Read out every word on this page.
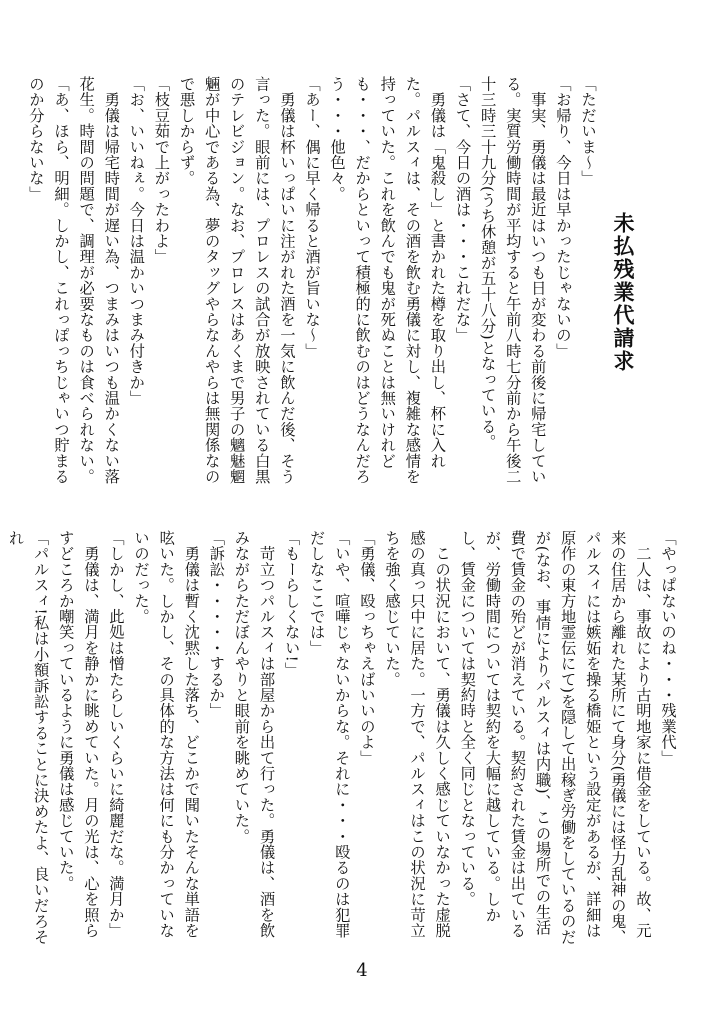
未払残業代請求
「ただいま〜」
「お帰り、今日は早かったじゃないの」
　事実、勇儀は最近はいつも日が変わる前後に帰宅している。実質労働時間が平均すると午前八時七分前から午後二十三時三十九分(うち休憩が五十八分)となっている。
「さて、今日の酒は・・・これだな」
　勇儀は「鬼殺し」と書かれた樽を取り出し、杯に入れた。パルスィは、その酒を飲む勇儀に対し、複雑な感情を持っていた。これを飲んでも鬼が死ぬことは無いけれども・・・、だからといって積極的に飲むのはどうなんだろう・・・他色々。
「あー、偶に早く帰ると酒が旨いな〜」
　勇儀は杯いっぱいに注がれた酒を一気に飲んだ後、そう言った。眼前には、プロレスの試合が放映されている白黒のテレビジョン。なお、プロレスはあくまで男子の魑魅魍魎が中心である為、夢のタッグやらなんやらは無関係なので悪しからず。
「枝豆茹で上がったわよ」
「お、いいねぇ。今日は温かいつまみ付きか」
　勇儀は帰宅時間が遅い為、つまみはいつも温かくない落花生。時間の問題で、調理が必要なものは食べられない。
「あ、ほら、明細。しかし、これっぽっちじゃいつ貯まるのか分らないな」
「やっぱないのね・・・残業代」
　二人は、事故により古明地家に借金をしている。故、元来の住居から離れた某所にて身分(勇儀には怪力乱神の鬼、パルスィには嫉妬を操る橋姫という設定があるが、詳細は原作の東方地霊伝にて)を隠して出稼ぎ労働をしているのだが(なお、事情によりパルスィは内職)、この場所での生活費で賃金の殆どが消えている。契約された賃金は出ているが、労働時間については契約を大幅に越している。しかし、賃金については契約時と全く同じとなっている。
　この状況において、勇儀は久しく感じていなかった虚脱感の真っ只中に居た。一方で、パルスィはこの状況に苛立ちを強く感じていた。
「勇儀、殴っちゃえばいいのよ」
「いや、喧嘩じゃないからな。それに・・・殴るのは犯罪だしなここでは」
「もーらしくない!」
　苛立つパルスィは部屋から出て行った。勇儀は、酒を飲みながらただぼんやりと眼前を眺めていた。
「訴訟・・・・・するか」
　勇儀は暫く沈黙した落ち、どこかで聞いたそんな単語を呟いた。しかし、その具体的な方法は何にも分かっていないのだった。
「しかし、此処は憎たらしいくらいに綺麗だな。満月か」
　勇儀は、満月を静かに眺めていた。月の光は、心を照らすどころか嘲笑っているように勇儀は感じていた。
「パルスィ!私は小額訴訟することに決めたよ、良いだろそれ
4
